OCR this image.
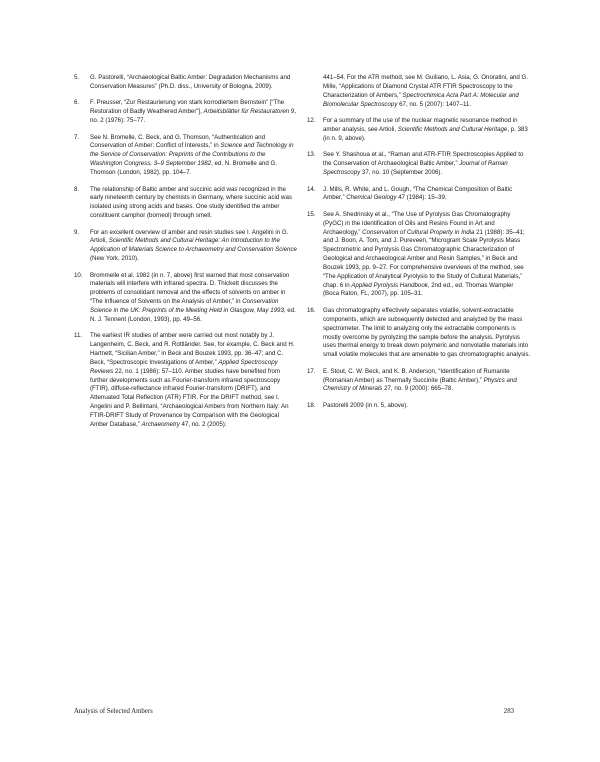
5.	G. Pastorelli, “Archaeological Baltic Amber: Degradation Mechanisms and Conservation Measures” (Ph.D. diss., University of Bologna, 2009).
6.	F. Preusser, “Zur Restaurierung von stark korrodiertem Bernstein” [“The Restoration of Badly Weathered Amber”], Arbeitsblätter für Restauratoren 9, no. 2 (1976): 75–77.
7.	See N. Bromelle, C. Beck, and G. Thomson, “Authentication and Conservation of Amber: Conflict of Interests,” in Science and Technology in the Service of Conservation: Preprints of the Contributions to the Washington Congress, 3–9 September 1982, ed. N. Bromelle and G. Thomson (London, 1982), pp. 104–7.
8.	The relationship of Baltic amber and succinic acid was recognized in the early nineteenth century by chemists in Germany, where succinic acid was isolated using strong acids and bases. One study identified the amber constituent camphor (borneol) through smell.
9.	For an excellent overview of amber and resin studies see I. Angelini in G. Artioli, Scientific Methods and Cultural Heritage: An Introduction to the Application of Materials Science to Archaeometry and Conservation Science (New York, 2010).
10.	Brommelle et al. 1982 (in n. 7, above) first warned that most conservation materials will interfere with infrared spectra. D. Thickett discusses the problems of consolidant removal and the effects of solvents on amber in “The Influence of Solvents on the Analysis of Amber,” in Conservation Science in the UK: Preprints of the Meeting Held in Glasgow, May 1993, ed. N. J. Tennent (London, 1993), pp. 49–56.
11.	The earliest IR studies of amber were carried out most notably by J. Langenheim, C. Beck, and R. Rottländer. See, for example, C. Beck and H. Hartnett, “Sicilian Amber,” in Beck and Bouzek 1993, pp. 36–47; and C. Beck, “Spectroscopic Investigations of Amber,” Applied Spectroscopy Reviews 22, no. 1 (1986): 57–110. Amber studies have benefited from further developments such as Fourier-transform infrared spectroscopy (FTIR), diffuse-reflectance infrared Fourier-transform (DRIFT), and Attenuated Total Reflection (ATR) FTIR. For the DRIFT method, see I. Angelini and P. Bellintani, “Archaeological Ambers from Northern Italy: An FTIR-DRIFT Study of Provenance by Comparison with the Geological Amber Database,” Archaeometry 47, no. 2 (2005):
441–54. For the ATR method, see M. Guiliano, L. Asia, G. Onoratini, and G. Mille, “Applications of Diamond Crystal ATR FTIR Spectroscopy to the Characterization of Ambers,” Spectrochimica Acta Part A: Molecular and Biomolecular Spectroscopy 67, no. 5 (2007): 1407–11.
12.	For a summary of the use of the nuclear magnetic resonance method in amber analysis, see Artioli, Scientific Methods and Cultural Heritage, p. 383 (in n. 9, above).
13.	See Y. Shashoua et al., “Raman and ATR-FTIR Spectroscopies Applied to the Conservation of Archaeological Baltic Amber,” Journal of Raman Spectroscopy 37, no. 10 (September 2006).
14.	J. Mills, R. White, and L. Gough, “The Chemical Composition of Baltic Amber,” Chemical Geology 47 (1984): 15–39.
15.	See A. Shedrinsky et al., “The Use of Pyrolysis Gas Chromatography (PyGC) in the Identification of Oils and Resins Found in Art and Archaeology,” Conservation of Cultural Property in India 21 (1988): 35–41; and J. Boon, A. Tom, and J. Pureveen, “Microgram Scale Pyrolysis Mass Spectrometric and Pyrolysis Gas Chromatographic Characterization of Geological and Archaeological Amber and Resin Samples,” in Beck and Bouzek 1993, pp. 9–27. For comprehensive overviews of the method, see “The Application of Analytical Pyrolysis to the Study of Cultural Materials,” chap. 6 in Applied Pyrolysis Handbook, 2nd ed., ed. Thomas Wampler (Boca Raton, FL, 2007), pp. 105–31.
16.	Gas chromatography effectively separates volatile, solvent-extractable components, which are subsequently detected and analyzed by the mass spectrometer. The limit to analyzing only the extractable components is mostly overcome by pyrolyzing the sample before the analysis. Pyrolysis uses thermal energy to break down polymeric and nonvolatile materials into small volatile molecules that are amenable to gas chromatographic analysis.
17.	E. Stout, C. W. Beck, and K. B. Anderson, “Identification of Rumanite (Romanian Amber) as Thermally Succinite (Baltic Amber),” Physics and Chemistry of Minerals 27, no. 9 (2000): 665–78.
18.	Pastorelli 2009 (in n. 5, above).
Analysis of Selected Ambers	283
